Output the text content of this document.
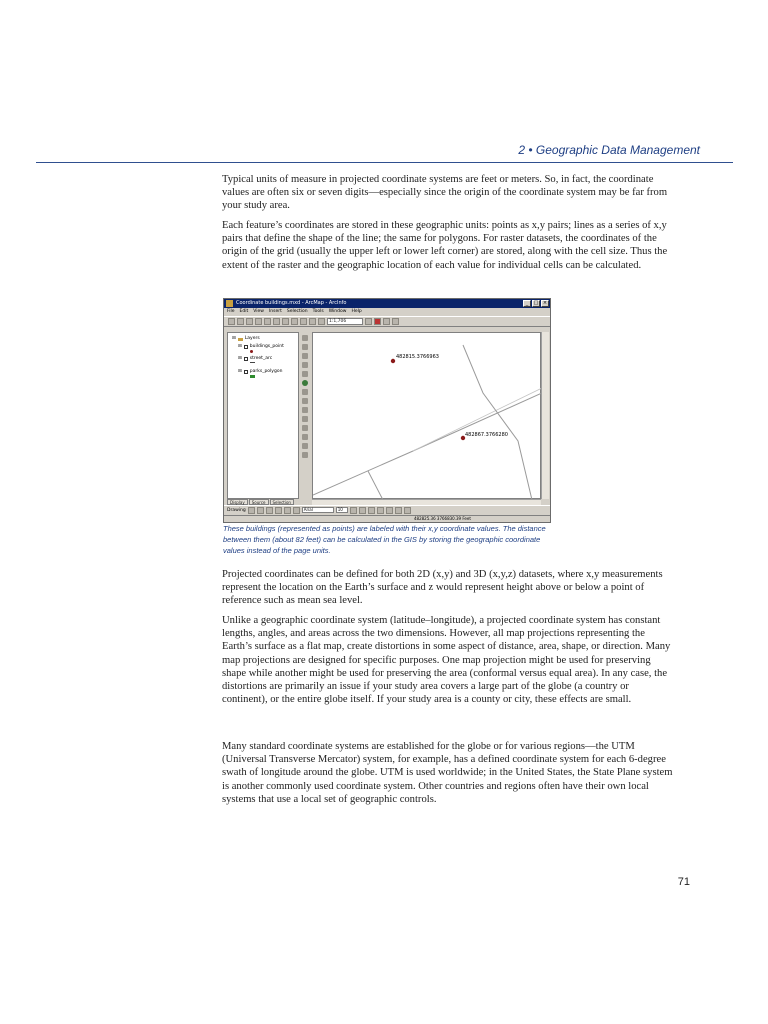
2 • Geographic Data Management

Typical units of measure in projected coordinate systems are feet or meters. So, in fact, the coordinate values are often six or seven digits—especially since the origin of the coordinate system may be far from your study area.

Each feature’s coordinates are stored in these geographic units: points as x,y pairs; lines as a series of x,y pairs that define the shape of the line; the same for polygons. For raster datasets, the coordinates of the origin of the grid (usually the upper left or lower left corner) are stored, along with the cell size. Thus the extent of the raster and the geographic location of each value for individual cells can be calculated.

Coordinate buildings.mxd - ArcMap - ArcInfo	_	□ ×
File Edit View Insert Selection Tools Window Help
1:1,706
⊟ Layers
⊟ buildings_point
⊟ street_arc
⊟ parks_polygon
Display	Source	Selection
482815.3766963
482867.3766280
Drawing	Arial	10
482825.36 3766830.39 Feet

These buildings (represented as points) are labeled with their x,y coordinate values. The distance between them (about 82 feet) can be calculated in the GIS by storing the geographic coordinate values instead of the page units.

Projected coordinates can be defined for both 2D (x,y) and 3D (x,y,z) datasets, where x,y measurements represent the location on the Earth’s surface and z would represent height above or below a point of reference such as mean sea level.

Unlike a geographic coordinate system (latitude–longitude), a projected coordinate system has constant lengths, angles, and areas across the two dimensions. However, all map projections representing the Earth’s surface as a flat map, create distortions in some aspect of distance, area, shape, or direction. Many map projections are designed for specific purposes. One map projection might be used for preserving shape while another might be used for preserving the area (conformal versus equal area). In any case, the distortions are primarily an issue if your study area covers a large part of the globe (a country or continent), or the entire globe itself. If your study area is a county or city, these effects are small.

Many standard coordinate systems are established for the globe or for various regions—the UTM (Universal Transverse Mercator) system, for example, has a defined coordinate system for each 6-degree swath of longitude around the globe. UTM is used worldwide; in the United States, the State Plane system is another commonly used coordinate system. Other countries and regions often have their own local systems that use a local set of geographic controls.

71
